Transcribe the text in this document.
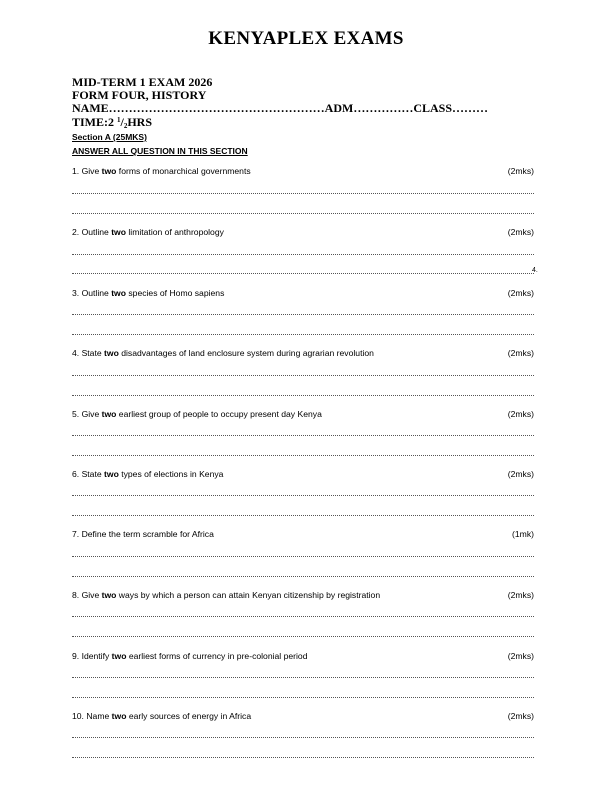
KENYAPLEX EXAMS
MID-TERM 1 EXAM 2026
FORM FOUR, HISTORY
NAME………………………………………………ADM……………CLASS………
TIME:2 $^1/_2HRS$
Section A (25MKS)
ANSWER ALL QUESTION IN THIS SECTION
1. Give two forms of monarchical governments	(2mks)
2. Outline two limitation of anthropology	(2mks)
4.
3. Outline two species of Homo sapiens	(2mks)
4. State two disadvantages of land enclosure system during agrarian revolution	(2mks)
5. Give two earliest group of people to occupy present day Kenya	(2mks)
6. State two types of elections in Kenya	(2mks)
7. Define the term scramble for Africa	(1mk)
8. Give two ways by which a person can attain Kenyan citizenship by registration	(2mks)
9. Identify two earliest forms of currency in pre-colonial period	(2mks)
10. Name two early sources of energy in Africa	(2mks)
